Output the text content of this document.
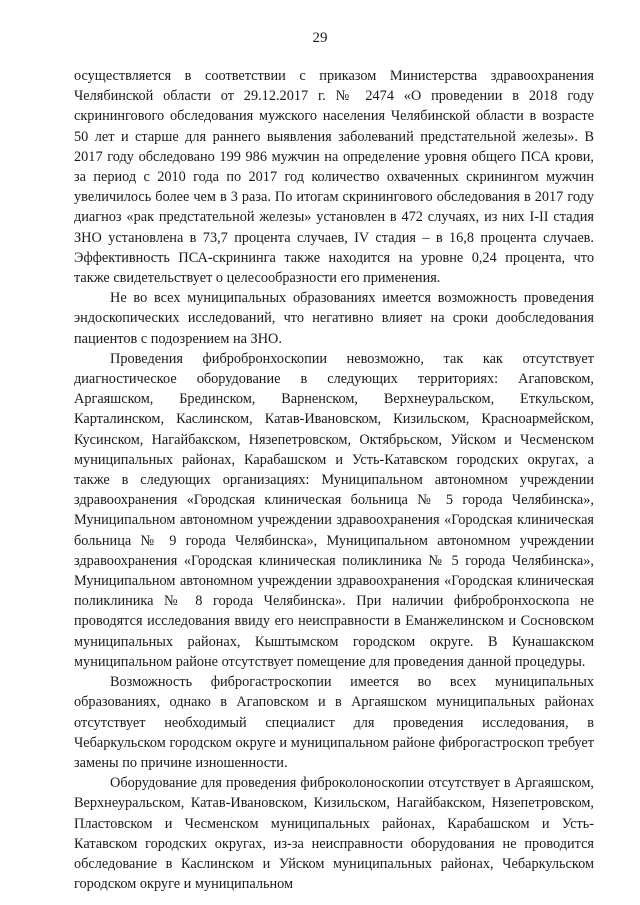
29

осуществляется в соответствии с приказом Министерства здравоохранения Челябинской области от 29.12.2017 г. № 2474 «О проведении в 2018 году скринингового обследования мужского населения Челябинской области в возрасте 50 лет и старше для раннего выявления заболеваний предстательной железы». В 2017 году обследовано 199 986 мужчин на определение уровня общего ПСА крови, за период с 2010 года по 2017 год количество охваченных скринингом мужчин увеличилось более чем в 3 раза. По итогам скринингового обследования в 2017 году диагноз «рак предстательной железы» установлен в 472 случаях, из них I-II стадия ЗНО установлена в 73,7 процента случаев, IV стадия – в 16,8 процента случаев. Эффективность ПСА-скрининга также находится на уровне 0,24 процента, что также свидетельствует о целесообразности его применения.

Не во всех муниципальных образованиях имеется возможность проведения эндоскопических исследований, что негативно влияет на сроки дообследования пациентов с подозрением на ЗНО.

Проведения фибробронхоскопии невозможно, так как отсутствует диагностическое оборудование в следующих территориях: Агаповском, Аргаяшском, Брединском, Варненском, Верхнеуральском, Еткульском, Карталинском, Каслинском, Катав-Ивановском, Кизильском, Красноармейском, Кусинском, Нагайбакском, Нязепетровском, Октябрьском, Уйском и Чесменском муниципальных районах, Карабашском и Усть-Катавском городских округах, а также в следующих организациях: Муниципальном автономном учреждении здравоохранения «Городская клиническая больница № 5 города Челябинска», Муниципальном автономном учреждении здравоохранения «Городская клиническая больница № 9 города Челябинска», Муниципальном автономном учреждении здравоохранения «Городская клиническая поликлиника № 5 города Челябинска», Муниципальном автономном учреждении здравоохранения «Городская клиническая поликлиника № 8 города Челябинска». При наличии фибробронхоскопа не проводятся исследования ввиду его неисправности в Еманжелинском и Сосновском муниципальных районах, Кыштымском городском округе. В Кунашакском муниципальном районе отсутствует помещение для проведения данной процедуры.

Возможность фиброгастроскопии имеется во всех муниципальных образованиях, однако в Агаповском и в Аргаяшском муниципальных районах отсутствует необходимый специалист для проведения исследования, в Чебаркульском городском округе и муниципальном районе фиброгастроскоп требует замены по причине изношенности.

Оборудование для проведения фиброколоноскопии отсутствует в Аргаяшском, Верхнеуральском, Катав-Ивановском, Кизильском, Нагайбакском, Нязепетровском, Пластовском и Чесменском муниципальных районах, Карабашском и Усть-Катавском городских округах, из-за неисправности оборудования не проводится обследование в Каслинском и Уйском муниципальных районах, Чебаркульском городском округе и муниципальном
